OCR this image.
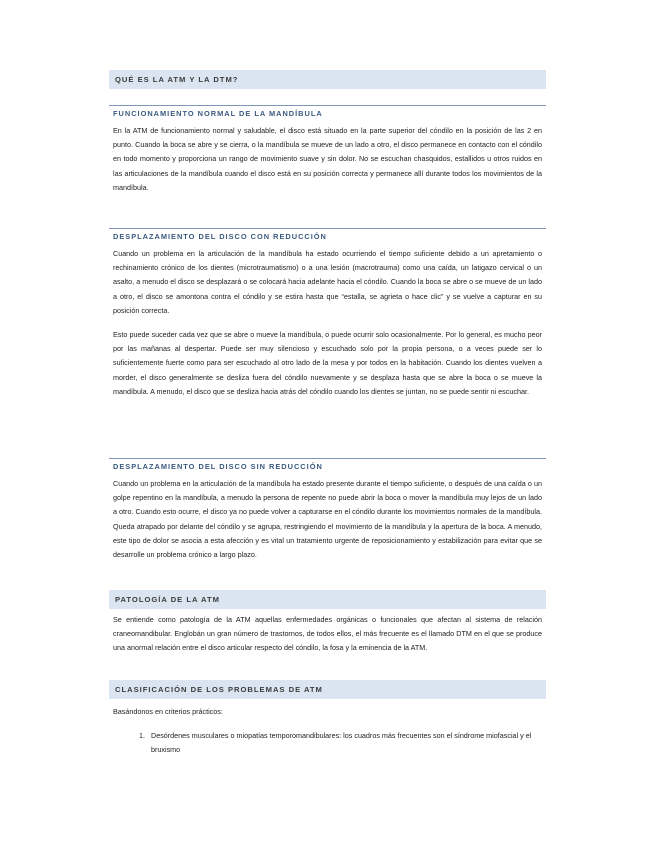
QUÉ ES LA ATM Y LA DTM?
FUNCIONAMIENTO NORMAL DE LA MANDÍBULA

En la ATM de funcionamiento normal y saludable, el disco está situado en la parte superior del cóndilo en la posición de las 2 en punto. Cuando la boca se abre y se cierra, o la mandíbula se mueve de un lado a otro, el disco permanece en contacto con el cóndilo en todo momento y proporciona un rango de movimiento suave y sin dolor. No se escuchan chasquidos, estallidos u otros ruidos en las articulaciones de la mandíbula cuando el disco está en su posición correcta y permanece allí durante todos los movimientos de la mandíbula.

DESPLAZAMIENTO DEL DISCO CON REDUCCIÓN

Cuando un problema en la articulación de la mandíbula ha estado ocurriendo el tiempo suficiente debido a un apretamiento o rechinamiento crónico de los dientes (microtraumatismo) o a una lesión (macrotrauma) como una caída, un latigazo cervical o un asalto, a menudo el disco se desplazará o se colocará hacia adelante hacia el cóndilo. Cuando la boca se abre o se mueve de un lado a otro, el disco se amontona contra el cóndilo y se estira hasta que “estalla, se agrieta o hace clic” y se vuelve a capturar en su posición correcta.

Esto puede suceder cada vez que se abre o mueve la mandíbula, o puede ocurrir solo ocasionalmente. Por lo general, es mucho peor por las mañanas al despertar. Puede ser muy silencioso y escuchado solo por la propia persona, o a veces puede ser lo suficientemente fuerte como para ser escuchado al otro lado de la mesa y por todos en la habitación. Cuando los dientes vuelven a morder, el disco generalmente se desliza fuera del cóndilo nuevamente y se desplaza hasta que se abre la boca o se mueve la mandíbula. A menudo, el disco que se desliza hacia atrás del cóndilo cuando los dientes se juntan, no se puede sentir ni escuchar.

DESPLAZAMIENTO DEL DISCO SIN REDUCCIÓN

Cuando un problema en la articulación de la mandíbula ha estado presente durante el tiempo suficiente, o después de una caída o un golpe repentino en la mandíbula, a menudo la persona de repente no puede abrir la boca o mover la mandíbula muy lejos de un lado a otro. Cuando esto ocurre, el disco ya no puede volver a capturarse en el cóndilo durante los movimientos normales de la mandíbula. Queda atrapado por delante del cóndilo y se agrupa, restringiendo el movimiento de la mandíbula y la apertura de la boca. A menudo, este tipo de dolor se asocia a esta afección y es vital un tratamiento urgente de reposicionamiento y estabilización para evitar que se desarrolle un problema crónico a largo plazo.

PATOLOGÍA DE LA ATM

Se entiende como patología de la ATM aquellas enfermedades orgánicas o funcionales que afectan al sistema de relación craneomandibular. Englobán un gran número de trastornos, de todos ellos, el más frecuente es el llamado DTM en el que se produce una anormal relación entre el disco articular respecto del cóndilo, la fosa y la eminencia de la ATM.

CLASIFICACIÓN DE LOS PROBLEMAS DE ATM

Basándonos en criterios prácticos:

1. Desórdenes musculares o miopatías temporomandibulares: los cuadros más frecuentes son el síndrome miofascial y el bruxismo
